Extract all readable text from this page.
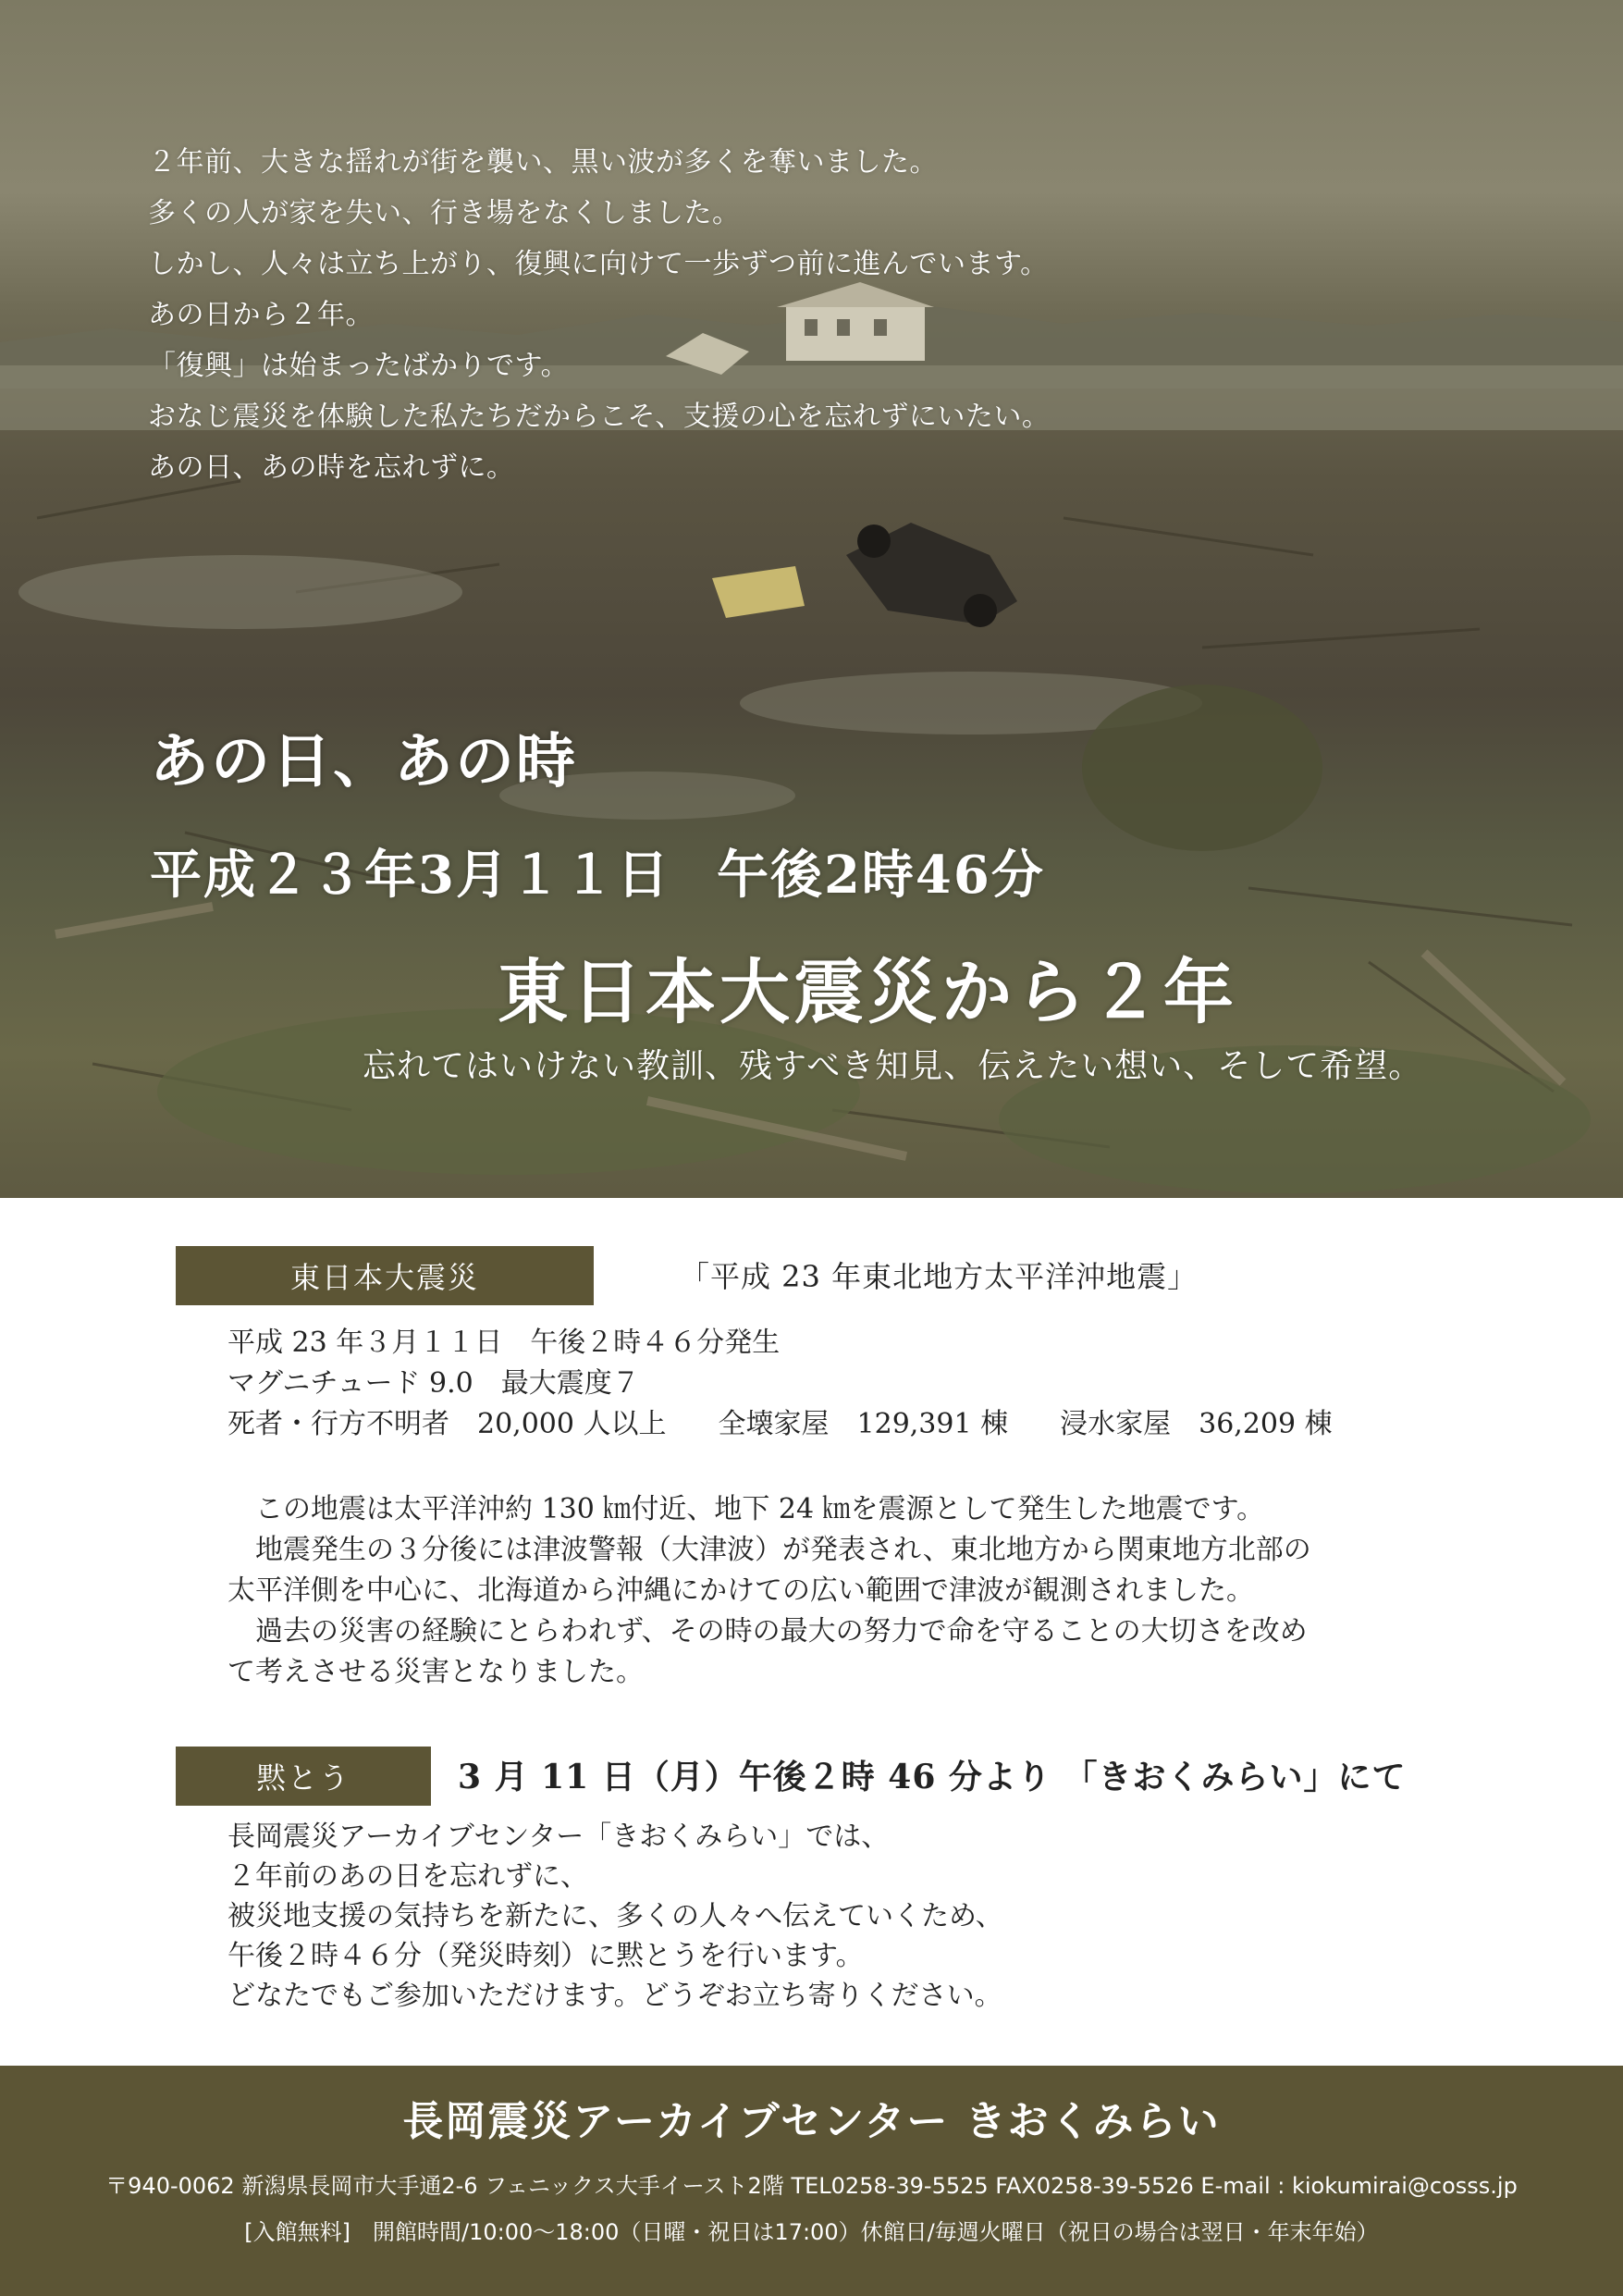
２年前、大きな揺れが街を襲い、黒い波が多くを奪いました。
多くの人が家を失い、行き場をなくしました。
しかし、人々は立ち上がり、復興に向けて一歩ずつ前に進んでいます。
あの日から２年。
「復興」は始まったばかりです。
おなじ震災を体験した私たちだからこそ、支援の心を忘れずにいたい。
あの日、あの時を忘れずに。
あの日、あの時
平成２３年3月１１日 午後2時46分
東日本大震災から２年
忘れてはいけない教訓、残すべき知見、伝えたい想い、そして希望。
東日本大震災	「平成 23 年東北地方太平洋沖地震」
平成 23 年３月１１日　午後２時４６分発生
マグニチュード 9.0　最大震度７
死者・行方不明者　20,000 人以上 全壊家屋　129,391 棟 浸水家屋　36,209 棟
　この地震は太平洋沖約 130 ㎞付近、地下 24 ㎞を震源として発生した地震です。
　地震発生の３分後には津波警報（大津波）が発表され、東北地方から関東地方北部の
太平洋側を中心に、北海道から沖縄にかけての広い範囲で津波が観測されました。
　過去の災害の経験にとらわれず、その時の最大の努力で命を守ることの大切さを改め
て考えさせる災害となりました。
黙とう	3 月 11 日（月）午後２時 46 分より 「きおくみらい」にて
長岡震災アーカイブセンター「きおくみらい」では、
２年前のあの日を忘れずに、
被災地支援の気持ちを新たに、多くの人々へ伝えていくため、
午後２時４６分（発災時刻）に黙とうを行います。
どなたでもご参加いただけます。どうぞお立ち寄りください。
長岡震災アーカイブセンター きおくみらい
〒940-0062 新潟県長岡市大手通2-6 フェニックス大手イースト2階 TEL0258-39-5525 FAX0258-39-5526 E-mail : kiokumirai@cosss.jp
[入館無料]　開館時間/10:00～18:00（日曜・祝日は17:00）休館日/毎週火曜日（祝日の場合は翌日・年末年始）
